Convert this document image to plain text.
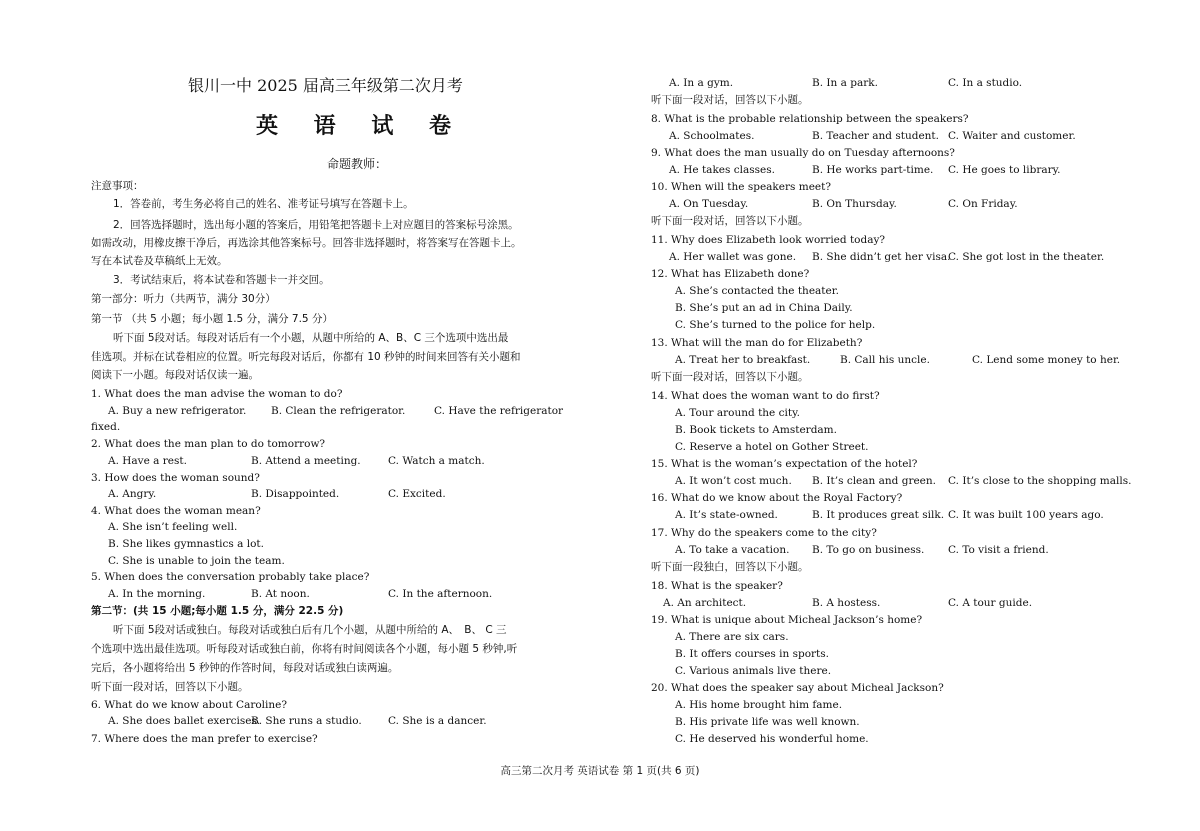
银川一中 2025 届高三年级第二次月考
英 语 试 卷
命题教师：
注意事项：
1．答卷前，考生务必将自己的姓名、准考证号填写在答题卡上。
2．回答选择题时，选出每小题的答案后，用铅笔把答题卡上对应题目的答案标号涂黑。
如需改动，用橡皮擦干净后，再选涂其他答案标号。回答非选择题时，将答案写在答题卡上。
写在本试卷及草稿纸上无效。
3．考试结束后，将本试卷和答题卡一并交回。
第一部分：听力（共两节，满分 30分）
第一节 （共 5 小题；每小题 1.5 分，满分 7.5 分）
听下面 5段对话。每段对话后有一个小题，从题中所给的 A、B、C 三个选项中选出最
佳选项。并标在试卷相应的位置。听完每段对话后，你都有 10 秒钟的时间来回答有关小题和
阅读下一小题。每段对话仅读一遍。
1. What does the man advise the woman to do?
A. Buy a new refrigerator. B. Clean the refrigerator.	C. Have the refrigerator
fixed.
2. What does the man plan to do tomorrow?
A. Have a rest.	B. Attend a meeting.	C. Watch a match.
3. How does the woman sound?
A. Angry.	B. Disappointed.	C. Excited.
4. What does the woman mean?
A. She isn’t feeling well.
B. She likes gymnastics a lot.
C. She is unable to join the team.
5. When does the conversation probably take place?
A. In the morning.	B. At noon.	C. In the afternoon.
第二节：(共 15 小题;每小题 1.5 分，满分 22.5 分)
听下面 5段对话或独白。每段对话或独白后有几个小题，从题中所给的 A、　B、 C 三
个选项中选出最佳选项。听每段对话或独白前，你将有时间阅读各个小题，每小题 5 秒钟,听
完后，各小题将给出 5 秒钟的作答时间，每段对话或独白读两遍。
听下面一段对话，回答以下小题。
6. What do we know about Caroline?
A. She does ballet exercises.
B. She runs a studio.	C. She is a dancer.
7. Where does the man prefer to exercise?
A. In a gym.	B. In a park.	C. In a studio.
听下面一段对话，回答以下小题。
8. What is the probable relationship between the speakers?
A. Schoolmates.	B. Teacher and student. C. Waiter and customer.
9. What does the man usually do on Tuesday afternoons?
A. He takes classes.	B. He works part-time. C. He goes to library.
10. When will the speakers meet?
A. On Tuesday.	B. On Thursday.	C. On Friday.
听下面一段对话，回答以下小题。
11. Why does Elizabeth look worried today?
A. Her wallet was gone. B. She didn’t get her visa.
C. She got lost in the theater.
12. What has Elizabeth done?
A. She’s contacted the theater.
B. She’s put an ad in China Daily.
C. She’s turned to the police for help.
13. What will the man do for Elizabeth?
A. Treat her to breakfast.	B. Call his uncle.	C. Lend some money to her.
听下面一段对话，回答以下小题。
14. What does the woman want to do first?
A. Tour around the city.
B. Book tickets to Amsterdam.
C. Reserve a hotel on Gother Street.
15. What is the woman’s expectation of the hotel?
A. It won’t cost much. B. It’s clean and green. C. It’s close to the shopping malls.
16. What do we know about the Royal Factory?
A. It’s state-owned.	B. It produces great silk. C. It was built 100 years ago.
17. Why do the speakers come to the city?
A. To take a vacation. B. To go on business. C. To visit a friend.
听下面一段独白，回答以下小题。
18. What is the speaker?
A. An architect.	B. A hostess.	C. A tour guide.
19. What is unique about Micheal Jackson’s home?
A. There are six cars.
B. It offers courses in sports.
C. Various animals live there.
20. What does the speaker say about Micheal Jackson?
A. His home brought him fame.
B. His private life was well known.
C. He deserved his wonderful home.
高三第二次月考 英语试卷 第 1 页(共 6 页)
